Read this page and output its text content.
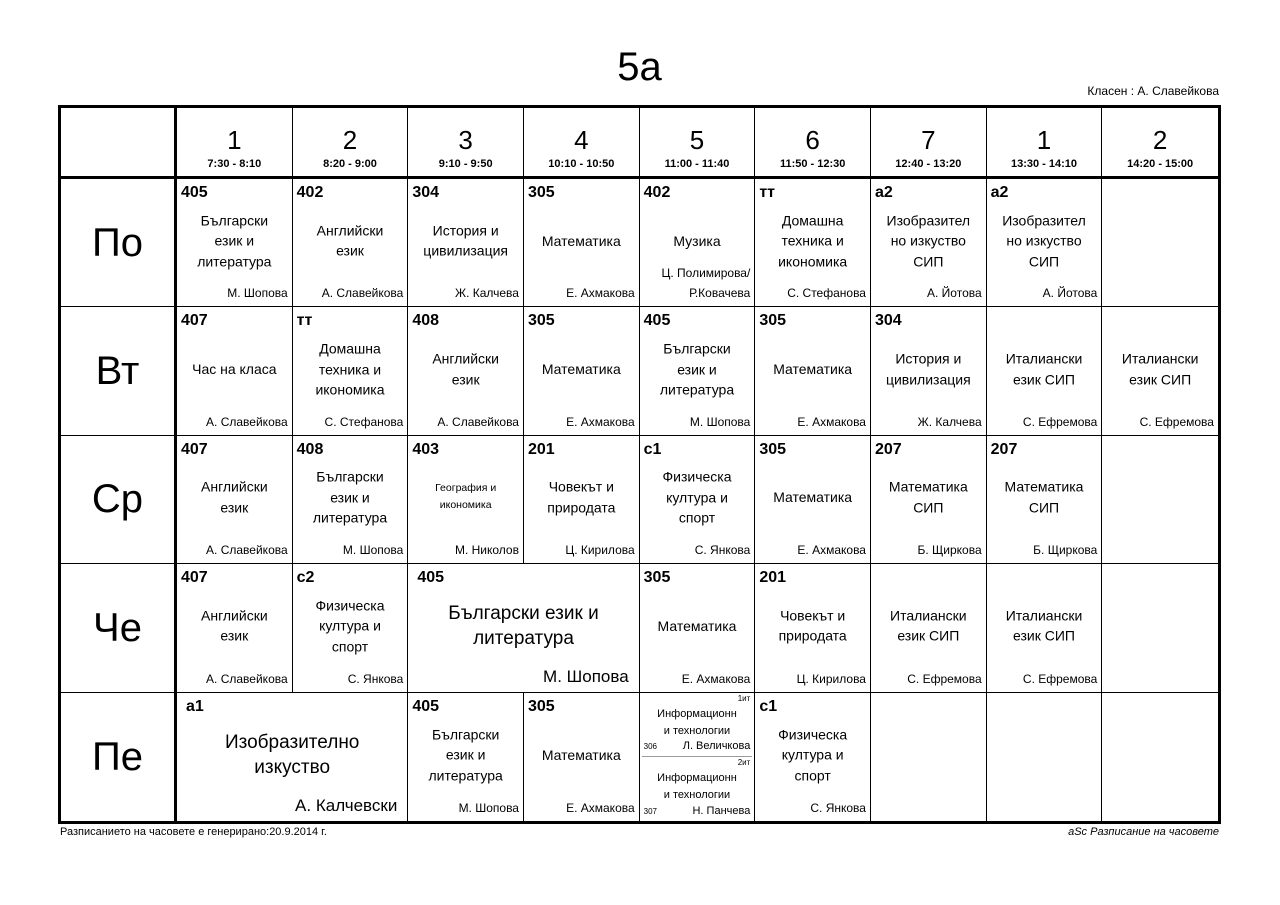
5а
Класен : А. Славейкова
1
7:30 - 8:10
2
8:20 - 9:00
3
9:10 - 9:50
4
10:10 - 10:50
5
11:00 - 11:40
6
11:50 - 12:30
7
12:40 - 13:20
1
13:30 - 14:10
2
14:20 - 15:00
По
405
Български
език и
литература
М. Шопова
402
Английски
език
А. Славейкова
304
История и
цивилизация
Ж. Калчева
305
Математика
Е. Ахмакова
402
Музика
Ц. Полимирова/
Р.Ковачева
тт
Домашна
техника и
икономика
С. Стефанова
а2
Изобразител
но изкуство
СИП
А. Йотова
а2
Изобразител
но изкуство
СИП
А. Йотова
Вт
407
Час на класа
А. Славейкова
тт
Домашна
техника и
икономика
С. Стефанова
408
Английски
език
А. Славейкова
305
Математика
Е. Ахмакова
405
Български
език и
литература
М. Шопова
305
Математика
Е. Ахмакова
304
История и
цивилизация
Ж. Калчева
Италиански
език СИП
С. Ефремова
Италиански
език СИП
С. Ефремова
Ср
407
Английски
език
А. Славейкова
408
Български
език и
литература
М. Шопова
403
География и
икономика
М. Николов
201
Човекът и
природата
Ц. Кирилова
с1
Физическа
култура и
спорт
С. Янкова
305
Математика
Е. Ахмакова
207
Математика
СИП
Б. Щиркова
207
Математика
СИП
Б. Щиркова
Че
407
Английски
език
А. Славейкова
с2
Физическа
култура и
спорт
С. Янкова
405
Български език и
литература
М. Шопова
305
Математика
Е. Ахмакова
201
Човекът и
природата
Ц. Кирилова
Италиански
език СИП
С. Ефремова
Италиански
език СИП
С. Ефремова
Пе
а1
Изобразително
изкуство
А. Калчевски
405
Български
език и
литература
М. Шопова
305
Математика
Е. Ахмакова
1ит
Информационн
и технологии
306 Л. Величкова
2ит
Информационн
и технологии
307	Н. Панчева
с1
Физическа
култура и
спорт
С. Янкова
Разписанието на часовете е генерирано:20.9.2014 г.	aSc Разписание на часовете
